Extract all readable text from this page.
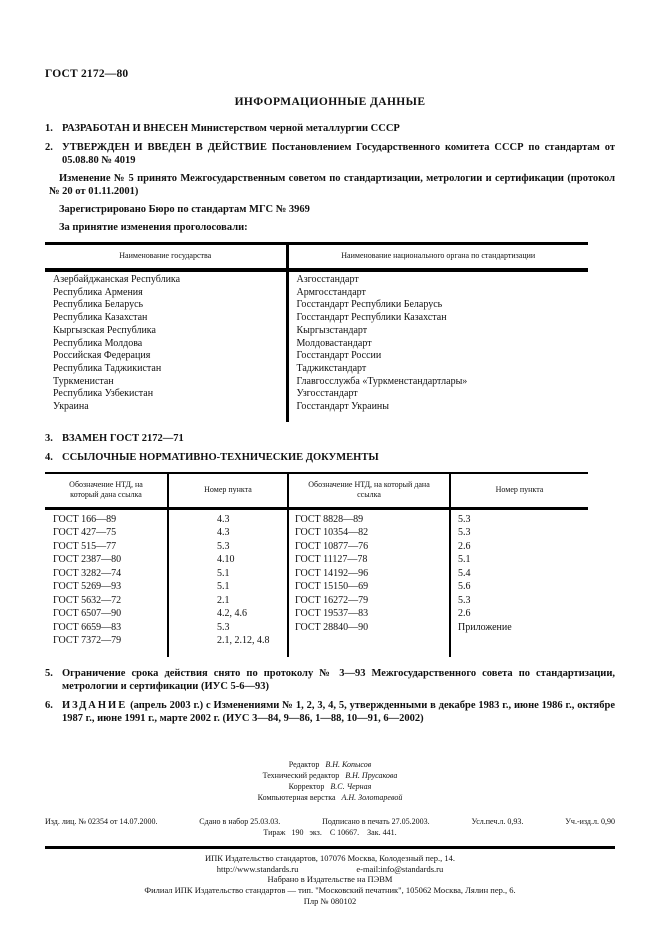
ГОСТ 2172—80
ИНФОРМАЦИОННЫЕ ДАННЫЕ
1. РАЗРАБОТАН И ВНЕСЕН Министерством черной металлургии СССР
2. УТВЕРЖДЕН И ВВЕДЕН В ДЕЙСТВИЕ Постановлением Государственного комитета СССР по стандартам от 05.08.80 № 4019
Изменение № 5 принято Межгосударственным советом по стандартизации, метрологии и сертификации (протокол № 20 от 01.11.2001)
Зарегистрировано Бюро по стандартам МГС № 3969
За принятие изменения проголосовали:
Наименование государства	Наименование национального органа по стандартизации
Азербайджанская Республика	Азгосстандарт
Республика Армения	Армгосстандарт
Республика Беларусь	Госстандарт Республики Беларусь
Республика Казахстан	Госстандарт Республики Казахстан
Кыргызская Республика	Кыргызстандарт
Республика Молдова	Молдовастандарт
Российская Федерация	Госстандарт России
Республика Таджикистан	Таджикстандарт
Туркменистан	Главгосслужба «Туркменстандартлары»
Республика Узбекистан	Узгосстандарт
Украина	Госстандарт Украины
3. ВЗАМЕН ГОСТ 2172—71
4. ССЫЛОЧНЫЕ НОРМАТИВНО-ТЕХНИЧЕСКИЕ ДОКУМЕНТЫ
Обозначение НТД, на который дана ссылка	Номер пункта	Обозначение НТД, на который дана ссылка	Номер пункта
ГОСТ 166—89	4.3	ГОСТ 8828—89	5.3
ГОСТ 427—75	4.3	ГОСТ 10354—82	5.3
ГОСТ 515—77	5.3	ГОСТ 10877—76	2.6
ГОСТ 2387—80	4.10	ГОСТ 11127—78	5.1
ГОСТ 3282—74	5.1	ГОСТ 14192—96	5.4
ГОСТ 5269—93	5.1	ГОСТ 15150—69	5.6
ГОСТ 5632—72	2.1	ГОСТ 16272—79	5.3
ГОСТ 6507—90	4.2, 4.6	ГОСТ 19537—83	2.6
ГОСТ 6659—83	5.3	ГОСТ 28840—90	Приложение
ГОСТ 7372—79	2.1, 2.12, 4.8		
5. Ограничение срока действия снято по протоколу № 3—93 Межгосударственного совета по стандартизации, метрологии и сертификации (ИУС 5-6—93)
6. ИЗДАНИЕ (апрель 2003 г.) с Изменениями № 1, 2, 3, 4, 5, утвержденными в декабре 1983 г., июне 1986 г., октябре 1987 г., июне 1991 г., марте 2002 г. (ИУС 3—84, 9—86, 1—88, 10—91, 6—2002)
Редактор В.Н. Копысов
Технический редактор В.Н. Прусакова
Корректор В.С. Черная
Компьютерная верстка А.Н. Золотаревой
Изд. лиц. № 02354 от 14.07.2000.	Сдано в набор 25.03.03.	Подписано в печать 27.05.2003.	Усл.печ.л. 0,93.	Уч.-изд.л. 0,90
Тираж   190   экз.    С 10667.    Зак. 441.
ИПК Издательство стандартов, 107076 Москва, Колодезный пер., 14.
http://www.standards.ru	e-mail:info@standards.ru
Набрано в Издательстве на ПЭВМ
Филиал ИПК Издательство стандартов — тип. "Московский печатник", 105062 Москва, Лялин пер., 6.
Плр № 080102
